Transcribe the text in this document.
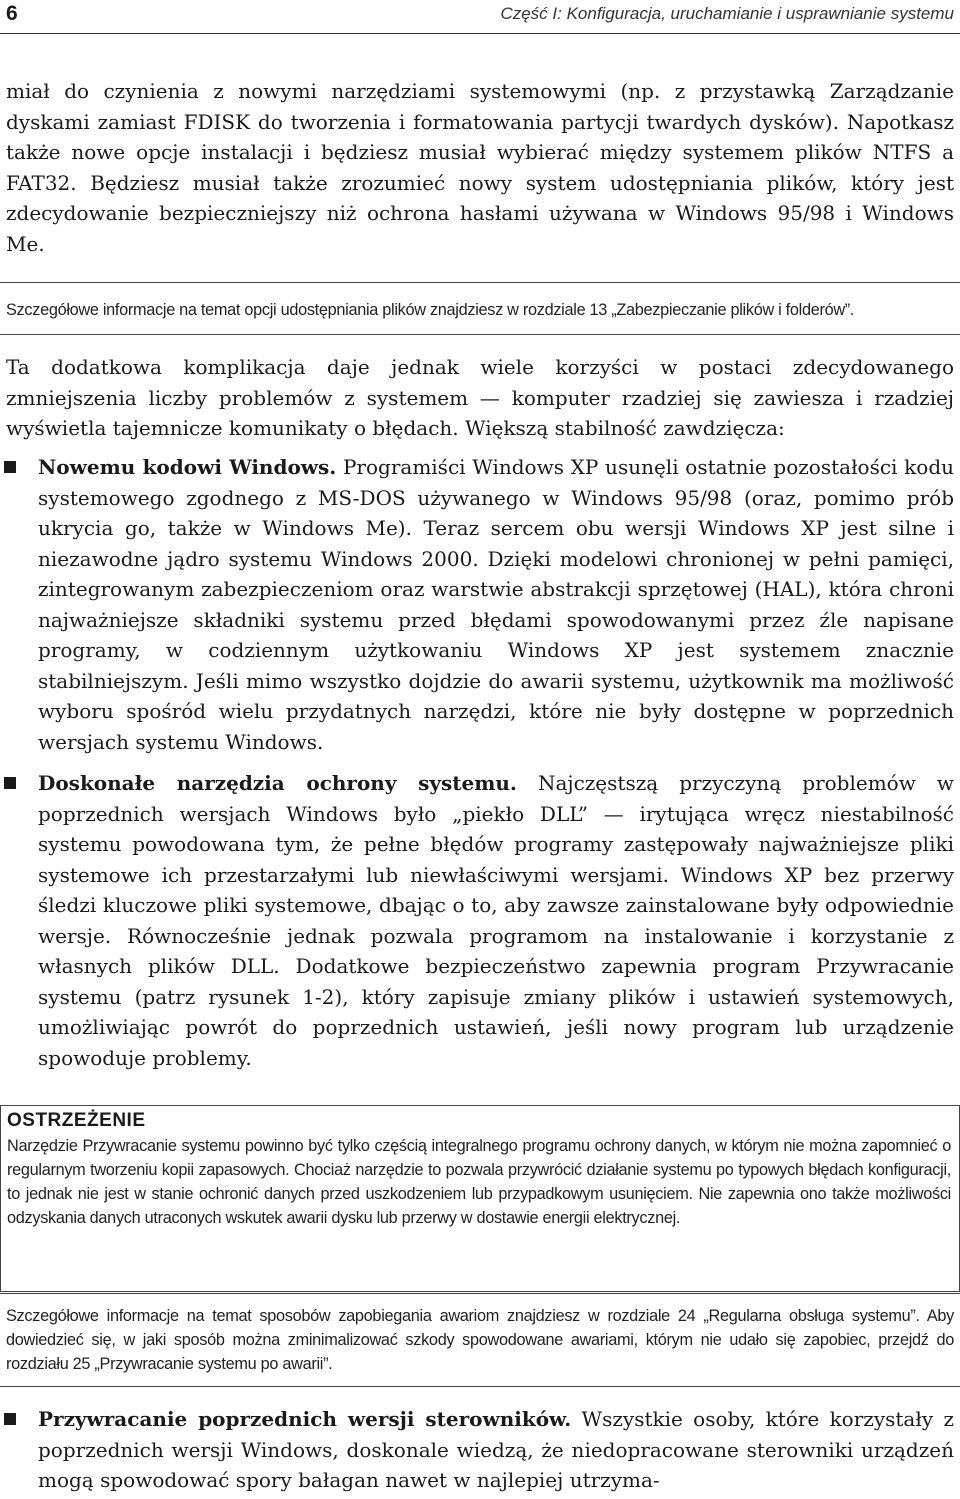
6	Część I: Konfiguracja, uruchamianie i usprawnianie systemu

miał do czynienia z nowymi narzędziami systemowymi (np. z przystawką Zarządzanie dyskami zamiast FDISK do tworzenia i formatowania partycji twardych dysków). Napotkasz także nowe opcje instalacji i będziesz musiał wybierać między systemem plików NTFS a FAT32. Będziesz musiał także zrozumieć nowy system udostępniania plików, który jest zdecydowanie bezpieczniejszy niż ochrona hasłami używana w Windows 95/98 i Windows Me.

Szczegółowe informacje na temat opcji udostępniania plików znajdziesz w rozdziale 13 „Zabezpieczanie plików i folderów”.

Ta dodatkowa komplikacja daje jednak wiele korzyści w postaci zdecydowanego zmniejszenia liczby problemów z systemem — komputer rzadziej się zawiesza i rzadziej wyświetla tajemnicze komunikaty o błędach. Większą stabilność zawdzięcza:

Nowemu kodowi Windows. Programiści Windows XP usunęli ostatnie pozostałości kodu systemowego zgodnego z MS-DOS używanego w Windows 95/98 (oraz, pomimo prób ukrycia go, także w Windows Me). Teraz sercem obu wersji Windows XP jest silne i niezawodne jądro systemu Windows 2000. Dzięki modelowi chronionej w pełni pamięci, zintegrowanym zabezpieczeniom oraz warstwie abstrakcji sprzętowej (HAL), która chroni najważniejsze składniki systemu przed błędami spowodowanymi przez źle napisane programy, w codziennym użytkowaniu Windows XP jest systemem znacznie stabilniejszym. Jeśli mimo wszystko dojdzie do awarii systemu, użytkownik ma możliwość wyboru spośród wielu przydatnych narzędzi, które nie były dostępne w poprzednich wersjach systemu Windows.

Doskonałe narzędzia ochrony systemu. Najczęstszą przyczyną problemów w poprzednich wersjach Windows było „piekło DLL” — irytująca wręcz niestabilność systemu powodowana tym, że pełne błędów programy zastępowały najważniejsze pliki systemowe ich przestarzałymi lub niewłaściwymi wersjami. Windows XP bez przerwy śledzi kluczowe pliki systemowe, dbając o to, aby zawsze zainstalowane były odpowiednie wersje. Równocześnie jednak pozwala programom na instalowanie i korzystanie z własnych plików DLL. Dodatkowe bezpieczeństwo zapewnia program Przywracanie systemu (patrz rysunek 1-2), który zapisuje zmiany plików i ustawień systemowych, umożliwiając powrót do poprzednich ustawień, jeśli nowy program lub urządzenie spowoduje problemy.

OSTRZEŻENIE

Narzędzie Przywracanie systemu powinno być tylko częścią integralnego programu ochrony danych, w którym nie można zapomnieć o regularnym tworzeniu kopii zapasowych. Chociaż narzędzie to pozwala przywrócić działanie systemu po typowych błędach konfiguracji, to jednak nie jest w stanie ochronić danych przed uszkodzeniem lub przypadkowym usunięciem. Nie zapewnia ono także możliwości odzyskania danych utraconych wskutek awarii dysku lub przerwy w dostawie energii elektrycznej.

Szczegółowe informacje na temat sposobów zapobiegania awariom znajdziesz w rozdziale 24 „Regularna obsługa systemu”. Aby dowiedzieć się, w jaki sposób można zminimalizować szkody spowodowane awariami, którym nie udało się zapobiec, przejdź do rozdziału 25 „Przywracanie systemu po awarii”.

Przywracanie poprzednich wersji sterowników. Wszystkie osoby, które korzystały z poprzednich wersji Windows, doskonale wiedzą, że niedopracowane sterowniki urządzeń mogą spowodować spory bałagan nawet w najlepiej utrzyma-
